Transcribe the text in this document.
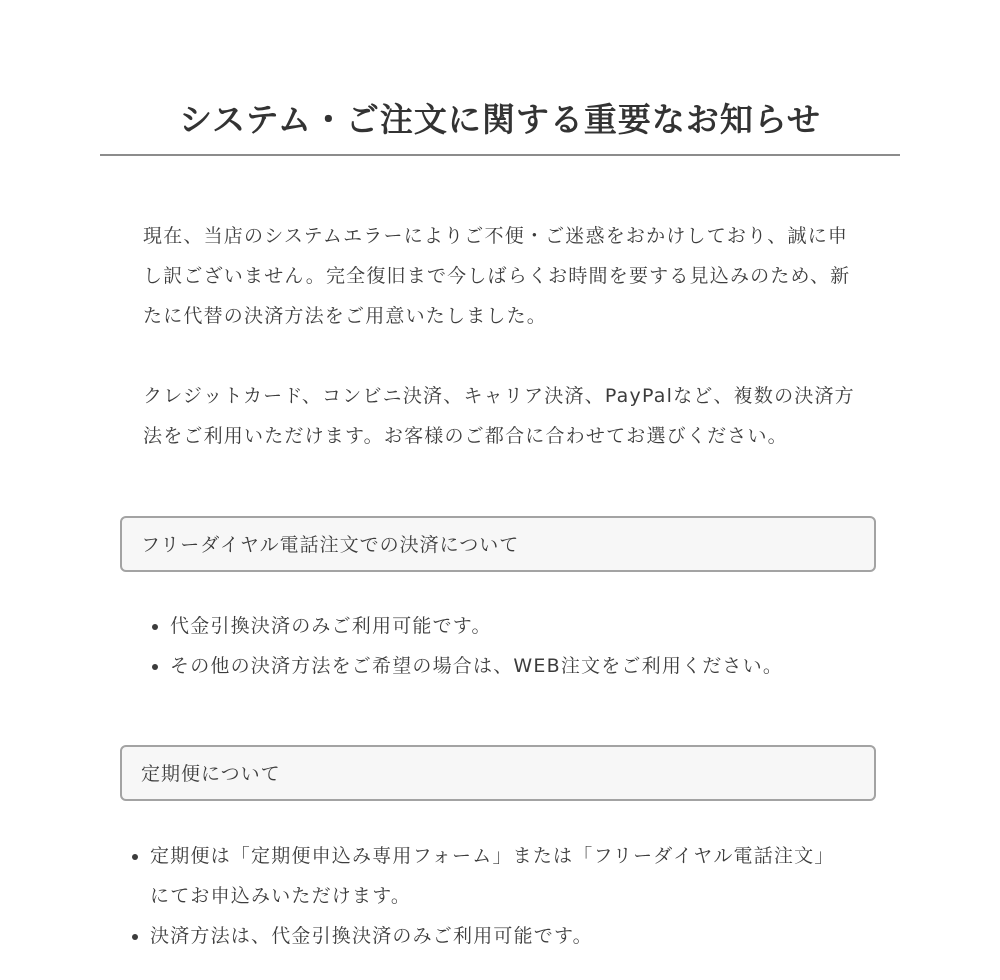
システム・ご注文に関する重要なお知らせ

現在、当店のシステムエラーによりご不便・ご迷惑をおかけしており、誠に申し訳ございません。完全復旧まで今しばらくお時間を要する見込みのため、新たに代替の決済方法をご用意いたしました。

クレジットカード、コンビニ決済、キャリア決済、PayPalなど、複数の決済方法をご利用いただけます。お客様のご都合に合わせてお選びください。

フリーダイヤル電話注文での決済について
代金引換決済のみご利用可能です。
その他の決済方法をご希望の場合は、WEB注文をご利用ください。
定期便について
定期便は「定期便申込み専用フォーム」または「フリーダイヤル電話注文」にてお申込みいただけます。
決済方法は、代金引換決済のみご利用可能です。
